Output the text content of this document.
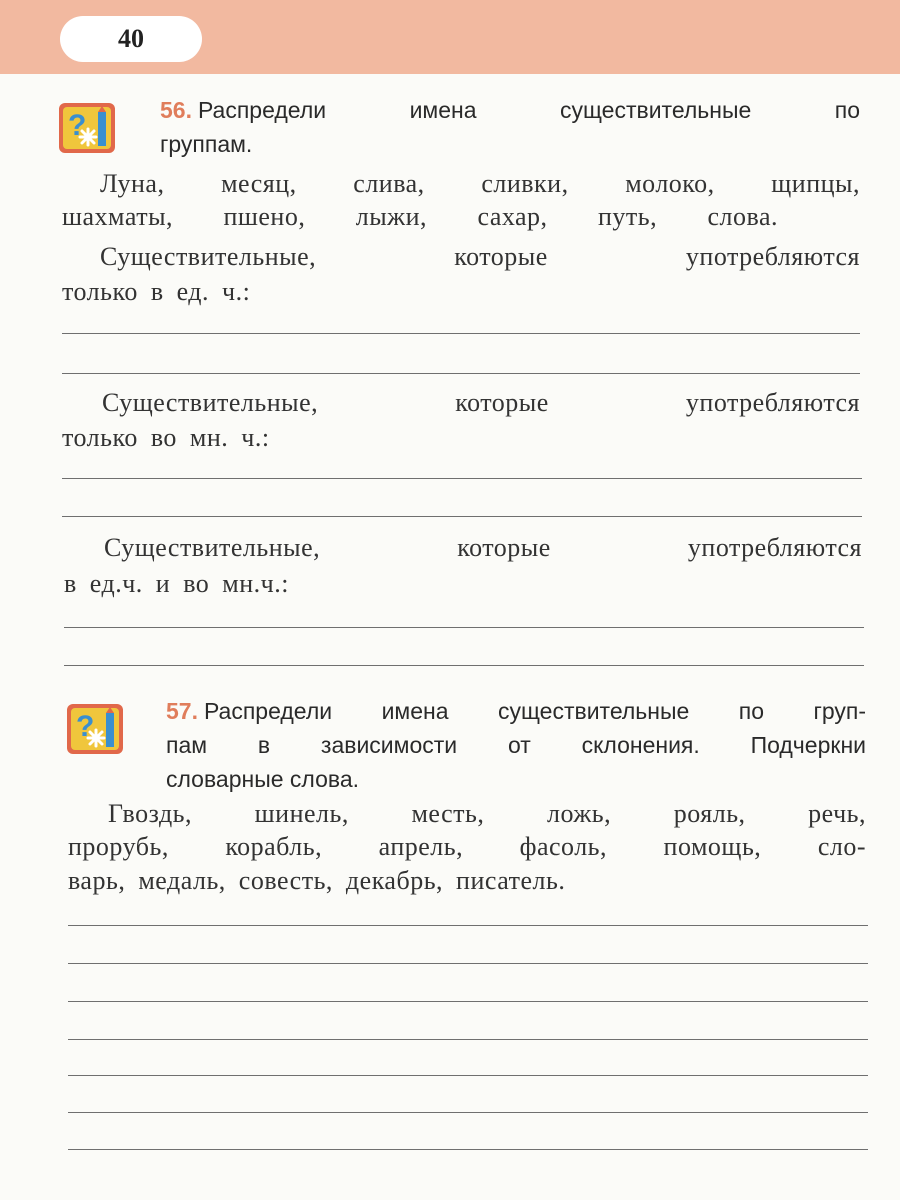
40
?	56. Распредели имена существительные по
группам.
Луна, месяц, слива, сливки, молоко, щипцы,
шахматы, пшено, лыжи, сахар, путь, слова.
Существительные, которые употребляются
только в ед. ч.:
Существительные, которые употребляются
только во мн. ч.:
Существительные, которые употребляются
в ед.ч. и во мн.ч.:
?	57. Распредели имена существительные по груп-
пам в зависимости от склонения. Подчеркни
словарные слова.
Гвоздь, шинель, месть, ложь, рояль, речь,
прорубь, корабль, апрель, фасоль, помощь, сло-
варь, медаль, совесть, декабрь, писатель.
